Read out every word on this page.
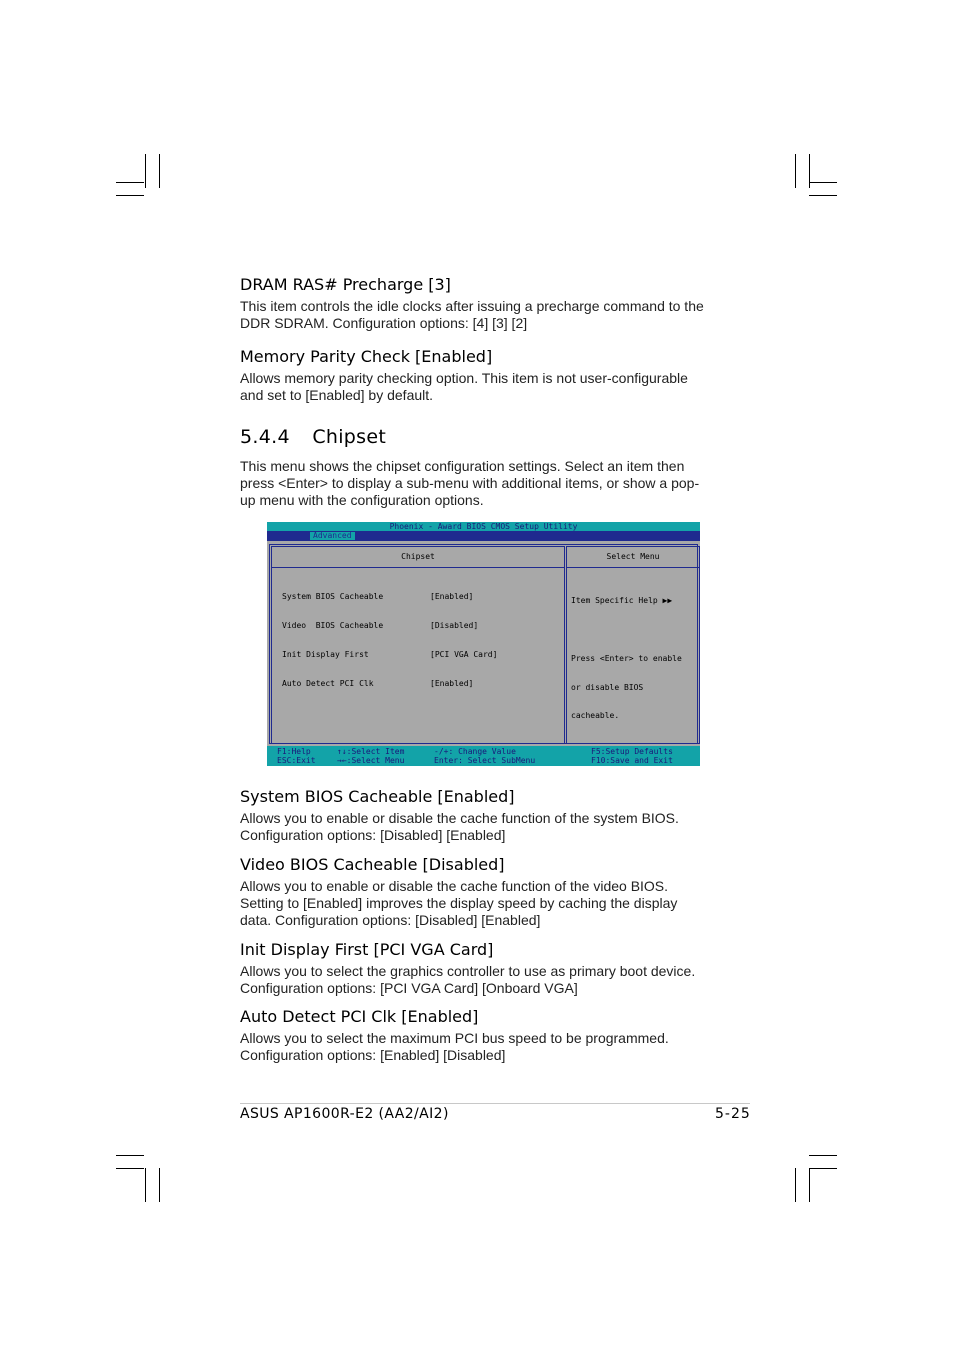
DRAM RAS# Precharge [3]

This item controls the idle clocks after issuing a precharge command to the DDR SDRAM. Configuration options: [4] [3] [2]

Memory Parity Check [Enabled]

Allows memory parity checking option. This item is not user-configurable and set to [Enabled] by default.

5.4.4 Chipset

This menu shows the chipset configuration settings. Select an item then press <Enter> to display a sub-menu with additional items, or show a pop-up menu with the configuration options.

Phoenix - Award BIOS CMOS Setup Utility
Advanced
Chipset

System BIOS Cacheable

Video  BIOS Cacheable

Init Display First

Auto Detect PCI Clk

[Enabled]

[Disabled]

[PCI VGA Card]

[Enabled]

Select Menu

Item Specific Help ▶▶

Press <Enter> to enable

or disable BIOS

cacheable.

F1:Help
ESC:Exit
↑↓:Select Item
→←:Select Menu
-/+: Change Value
Enter: Select SubMenu
F5:Setup Defaults
F10:Save and Exit
System BIOS Cacheable [Enabled]

Allows you to enable or disable the cache function of the system BIOS. Configuration options: [Disabled] [Enabled]

Video BIOS Cacheable [Disabled]

Allows you to enable or disable the cache function of the video BIOS. Setting to [Enabled] improves the display speed by caching the display data. Configuration options: [Disabled] [Enabled]

Init Display First [PCI VGA Card]

Allows you to select the graphics controller to use as primary boot device. Configuration options: [PCI VGA Card] [Onboard VGA]

Auto Detect PCI Clk [Enabled]

Allows you to select the maximum PCI bus speed to be programmed. Configuration options: [Enabled] [Disabled]

ASUS AP1600R-E2 (AA2/AI2)	5-25
